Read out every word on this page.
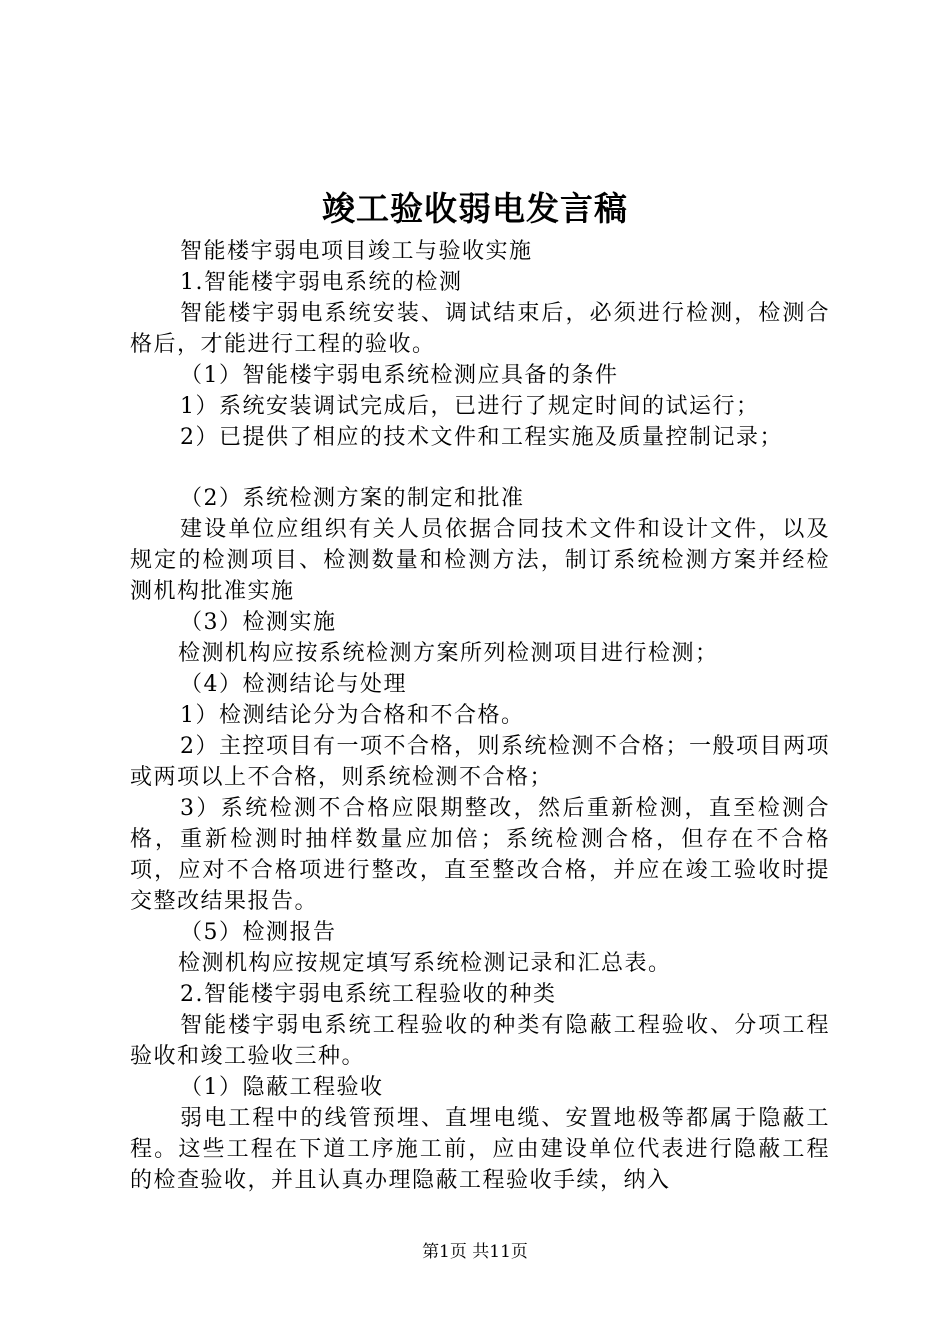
竣工验收弱电发言稿

智能楼宇弱电项目竣工与验收实施

1.智能楼宇弱电系统的检测

智能楼宇弱电系统安装、调试结束后，必须进行检测，检测合格后，才能进行工程的验收。

（1）智能楼宇弱电系统检测应具备的条件

1）系统安装调试完成后，已进行了规定时间的试运行；

2）已提供了相应的技术文件和工程实施及质量控制记录；

（2）系统检测方案的制定和批准

建设单位应组织有关人员依据合同技术文件和设计文件，以及规定的检测项目、检测数量和检测方法，制订系统检测方案并经检测机构批准实施

（3）检测实施

检测机构应按系统检测方案所列检测项目进行检测；

（4）检测结论与处理

1）检测结论分为合格和不合格。

2）主控项目有一项不合格，则系统检测不合格；一般项目两项或两项以上不合格，则系统检测不合格；

3）系统检测不合格应限期整改，然后重新检测，直至检测合格，重新检测时抽样数量应加倍；系统检测合格，但存在不合格项，应对不合格项进行整改，直至整改合格，并应在竣工验收时提交整改结果报告。

（5）检测报告

检测机构应按规定填写系统检测记录和汇总表。

2.智能楼宇弱电系统工程验收的种类

智能楼宇弱电系统工程验收的种类有隐蔽工程验收、分项工程验收和竣工验收三种。

（1）隐蔽工程验收

弱电工程中的线管预埋、直埋电缆、安置地极等都属于隐蔽工程。这些工程在下道工序施工前，应由建设单位代表进行隐蔽工程的检查验收，并且认真办理隐蔽工程验收手续，纳入

第1页 共11页
